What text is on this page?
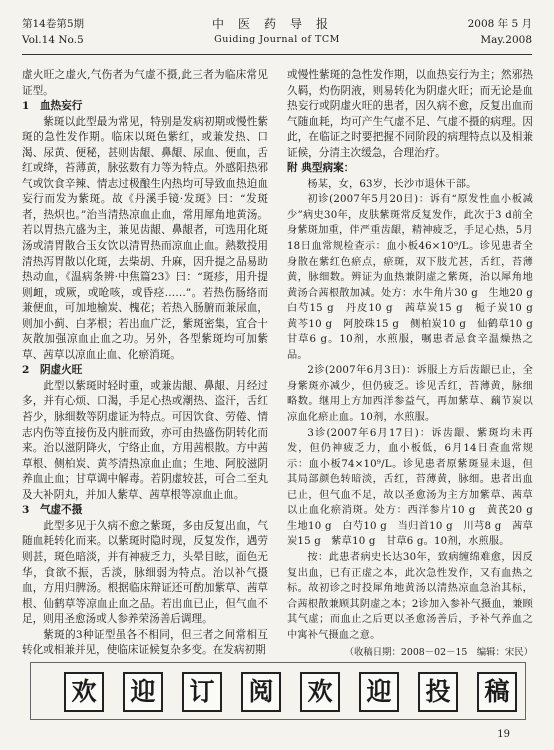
第14卷第5期
Vol.14 No.5
中医药导报
Guiding Journal of TCM
2008 年 5 月
May.2008

虚火旺之虚火,气伤者为气虚不摄,此三者为临床常见证型。

1　血热妄行

紫斑以此型最为常见，特别是发病初期或慢性紫斑的急性发作期。临床以斑色紫红，或兼发热、口渴、尿黄、便秘，甚则齿龈、鼻龈、尿血、便血，舌红或绛，苔薄黄，脉弦数有力等为特点。外感阳热邪气或饮食辛辣、情志过极酿生内热均可导致血热迫血妄行而发为紫斑。故《丹溪手镜·发斑》曰：“发斑者，热炽也。”治当清热凉血止血，常用犀角地黄汤。若以胃热亢盛为主，兼见齿龈、鼻龈者，可选用化斑汤或清胃散合玉女饮以清胃热而凉血止血。熱数投用清热泻胃散以化斑，去柴胡、升麻，因升提之品易助热动血，《温病条辨·中焦篇23》曰：“斑疹，用升提则衄，或厥，或呛咳，或昏痉……”。若热伤肠络而兼便血，可加地榆炭、槐花；若热入肠腑而兼尿血，则加小蓟、白茅根；若出血广泛，紫斑密集，宜合十灰散加强凉血止血之功。另外，各型紫斑均可加紫草、茜草以凉血止血、化瘀消斑。

2　阴虚火旺

此型以紫斑时轻时重，或兼齿龈、鼻龈、月经过多，并有心烦、口渴，手足心热或潮热、盗汗，舌红苔少，脉细数等阴虚证为特点。可因饮食、劳倦、情志内伤等直接伤及内脏而致，亦可由热盛伤阴转化而来。治以滋阴降火，宁络止血，方用茜根散。方中茜草根、侧柏炭、黄芩清热凉血止血；生地、阿胶滋阴养血止血；甘草调中解毒。若阴虚较甚，可合二至丸及大补阴丸，并加人紫草、茜草根等凉血止血。

3　气虚不摄

此型多见于久病不愈之紫斑，多由反复出血，气随血耗转化而来。以紫斑时隐时现，反复发作，遇劳则甚，斑色暗淡，并有神疲乏力，头晕目眩，面色无华，食欲不振，舌淡，脉细弱为特点。治以补气摄血，方用归脾汤。根据临床辩证还可酌加紫草、茜草根、仙鹤草等凉血止血之品。若出血已止，但气血不足，则用圣愈汤或人参养荣汤善后调理。

紫斑的3种证型虽各不相同，但三者之间常相互转化或相兼并见，使临床证候复杂多变。在发病初期

或慢性紫斑的急性发作期，以血热妄行为主；然邪热久羁，灼伤阴液，则易转化为阴虚火旺；而无论是血热妄行或阴虚火旺的患者，因久病不愈，反复出血而气随血耗，均可产生气虚不足、气虚不摄的病理。因此，在临证之时要把握不同阶段的病理特点以及相兼证候，分清主次缓急，合理治疗。

附 典型病案：

杨某，女，63岁，长沙市退休干部。

初诊(2007年5月20日)：诉有“原发性血小板减少”病史30年，皮肤紫斑常反复发作，此次于3 d前全身紫斑加重，伴严重齿龈，精神疲乏，手足心热，5月18日血常规检查示：血小板46×10⁹/L。诊见患者全身散在紫红色瘀点，瘀斑，双下肢尤甚，舌红，苔薄黄，脉细数。辨证为血热兼阴虚之紫斑，治以犀角地黄汤合茜根散加减。处方：水牛角片30 g　生地20 g　白芍15 g　丹皮10 g　茜草炭15 g　栀子炭10 g　黄芩10 g　阿胶珠15 g　侧柏炭10 g　仙鹤草10 g　甘草6 g。10剂，水煎服，嘱患者忌食辛温燥热之品。

2诊(2007年6月3日)：诉服上方后齿龈已止，全身紫斑亦减少，但仍疲乏。诊见舌红，苔薄黄，脉细略数。继用上方加西洋参益气，再加紫草、藕节炭以凉血化瘀止血。10剂，水煎服。

3诊(2007年6月17日)：诉齿龈、紫斑均未再发，但仍神疲乏力，血小板低，6月14日查血常规示：血小板74×10⁹/L。诊见患者原紫斑显未退，但其局部颜色转暗淡，舌红，苔薄黄，脉细。患者出血已止，但气血不足，故以圣愈汤为主方加紫草、茜草以止血化瘀消斑。处方：西洋参片10 g　黄芪20 g　生地10 g　白芍10 g　当归首10 g　川芎8 g　茜草炭15 g　紫草10 g　甘草6 g。10剂，水煎服。

按：此患者病史长达30年，致病缠绵难愈，因反复出血，已有正虚之本，此次急性发作，又有血热之标。故初诊之时投犀角地黄汤以清热凉血急治其标，合茜根散兼顾其阴虚之本；2诊加入参补气摄血，兼顾其气虚；而血止之后更以圣愈汤善后，予补气养血之中寓补气摄血之意。

（收稿日期：2008－02－15　编辑：宋民）
欢	迎	订	阅	欢	迎	投	稿
19
